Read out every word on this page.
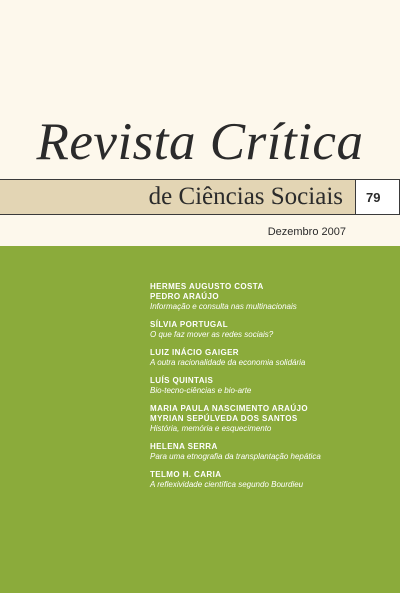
Revista Crítica
de Ciências Sociais 79
Dezembro 2007
HERMES AUGUSTO COSTA
PEDRO ARAÚJO
Informação e consulta nas multinacionais
SÍLVIA PORTUGAL
O que faz mover as redes sociais?
LUIZ INÁCIO GAIGER
A outra racionalidade da economia solidária
LUÍS QUINTAIS
Bio-tecno-ciências e bio-arte
MARIA PAULA NASCIMENTO ARAÚJO
MYRIAN SEPÚLVEDA DOS SANTOS
História, memória e esquecimento
HELENA SERRA
Para uma etnografia da transplantação hepática
TELMO H. CARIA
A reflexividade científica segundo Bourdieu
